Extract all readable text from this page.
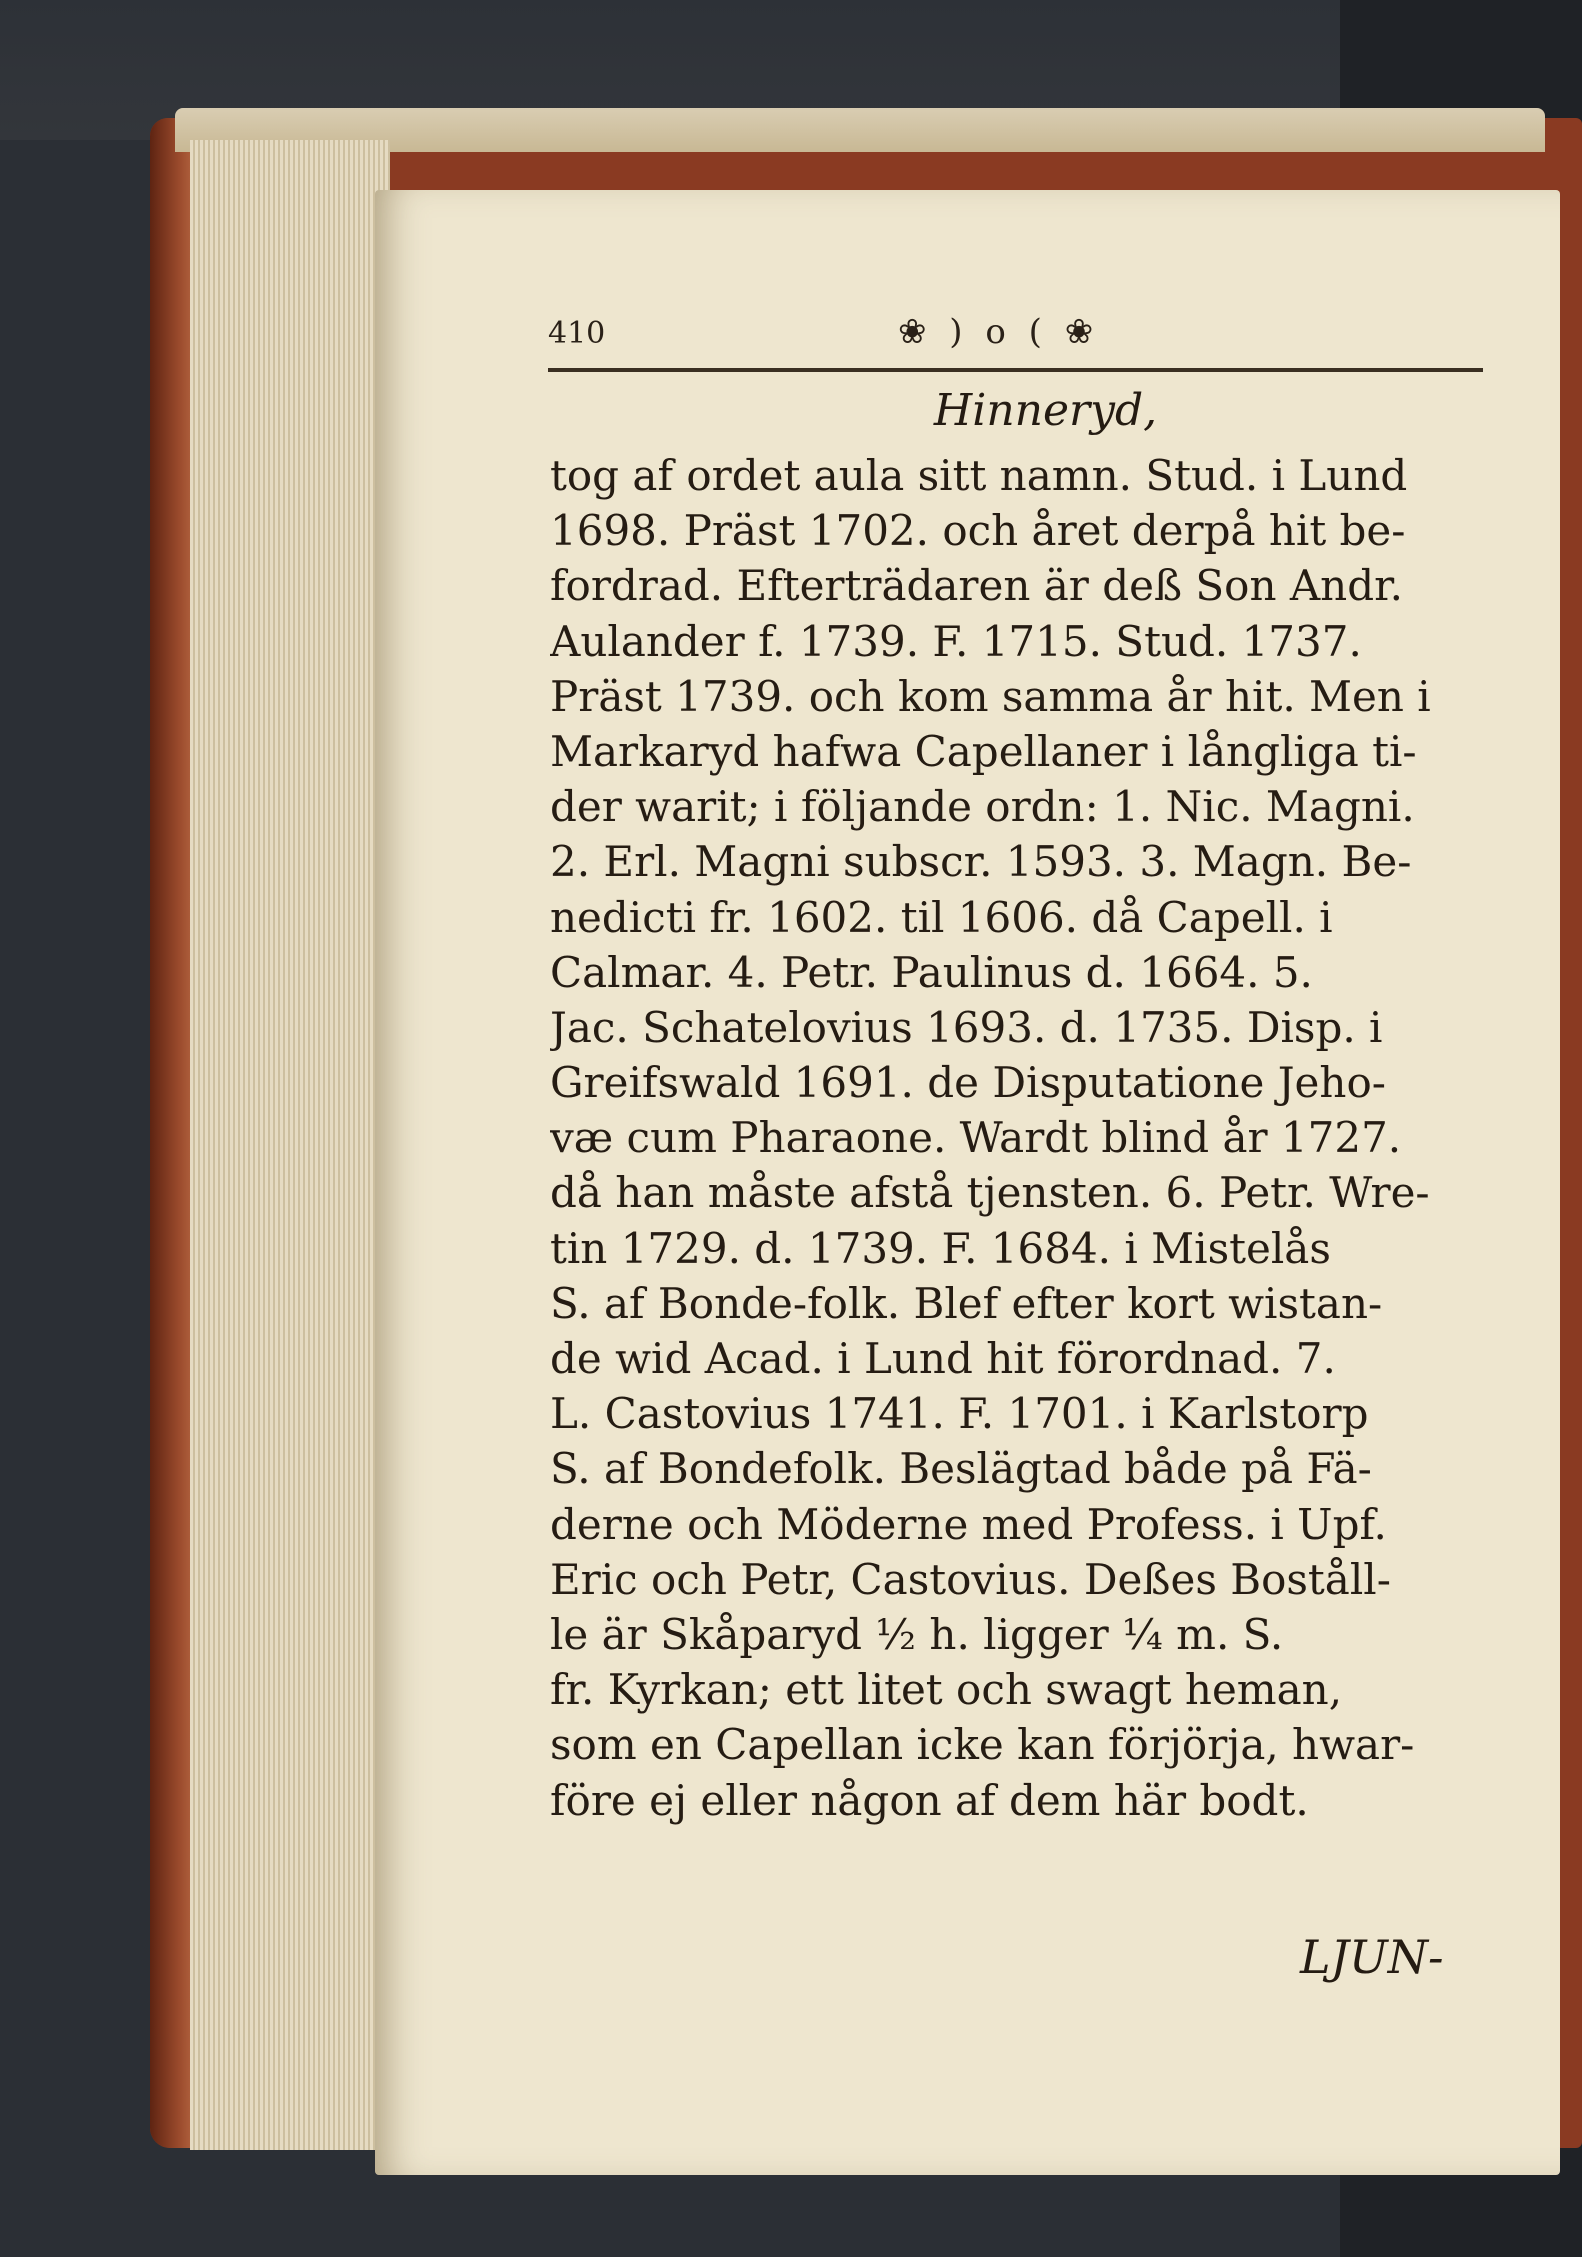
410	❀ ) o ( ❀
Hinneryd,
tog af ordet aula sitt namn. Stud. i Lund
1698. Präst 1702. och året derpå hit be-
fordrad. Efterträdaren är deß Son Andr.
Aulander f. 1739. F. 1715. Stud. 1737.
Präst 1739. och kom samma år hit. Men i
Markaryd hafwa Capellaner i långliga ti-
der warit; i följande ordn: 1. Nic. Magni.
2. Erl. Magni subscr. 1593. 3. Magn. Be-
nedicti fr. 1602. til 1606. då Capell. i
Calmar. 4. Petr. Paulinus d. 1664. 5.
Jac. Schatelovius 1693. d. 1735. Disp. i
Greifswald 1691. de Disputatione Jeho-
væ cum Pharaone. Wardt blind år 1727.
då han måste afstå tjensten. 6. Petr. Wre-
tin 1729. d. 1739. F. 1684. i Mistelås
S. af Bonde-folk. Blef efter kort wistan-
de wid Acad. i Lund hit förordnad. 7.
L. Castovius 1741. F. 1701. i Karlstorp
S. af Bondefolk. Beslägtad både på Fä-
derne och Möderne med Profess. i Upf.
Eric och Petr, Castovius. Deßes Boståll-
le är Skåparyd ½ h. ligger ¼ m. S.
fr. Kyrkan; ett litet och swagt heman,
som en Capellan icke kan förjörja, hwar-
före ej eller någon af dem här bodt.
LJUN-
